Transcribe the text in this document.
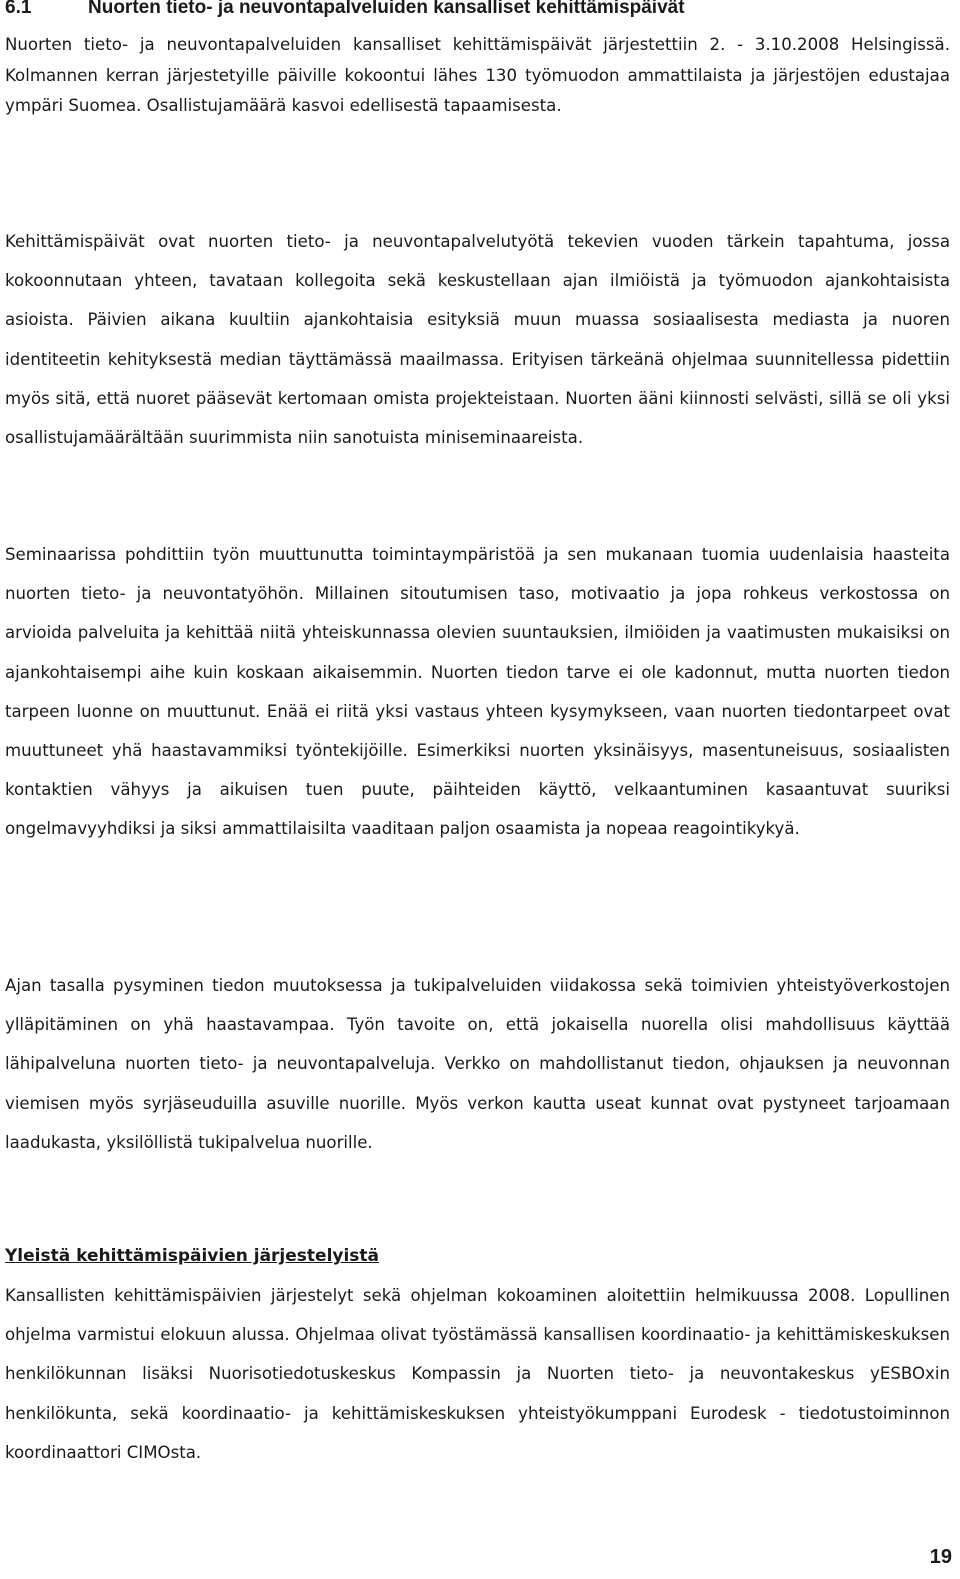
6.1	Nuorten tieto- ja neuvontapalveluiden kansalliset kehittämispäivät

Nuorten tieto- ja neuvontapalveluiden kansalliset kehittämispäivät järjestettiin 2. - 3.10.2008 Helsingissä. Kolmannen kerran järjestetyille päiville kokoontui lähes 130 työmuodon ammattilaista ja järjestöjen edustajaa ympäri Suomea. Osallistujamäärä kasvoi edellisestä tapaamisesta.

Kehittämispäivät ovat nuorten tieto- ja neuvontapalvelutyötä tekevien vuoden tärkein tapahtuma, jossa kokoonnutaan yhteen, tavataan kollegoita sekä keskustellaan ajan ilmiöistä ja työmuodon ajankohtaisista asioista. Päivien aikana kuultiin ajankohtaisia esityksiä muun muassa sosiaalisesta mediasta ja nuoren identiteetin kehityksestä median täyttämässä maailmassa. Erityisen tärkeänä ohjelmaa suunnitellessa pidettiin myös sitä, että nuoret pääsevät kertomaan omista projekteistaan. Nuorten ääni kiinnosti selvästi, sillä se oli yksi osallistujamäärältään suurimmista niin sanotuista miniseminaareista.

Seminaarissa pohdittiin työn muuttunutta toimintaympäristöä ja sen mukanaan tuomia uudenlaisia haasteita nuorten tieto- ja neuvontatyöhön. Millainen sitoutumisen taso, motivaatio ja jopa rohkeus verkostossa on arvioida palveluita ja kehittää niitä yhteiskunnassa olevien suuntauksien, ilmiöiden ja vaatimusten mukaisiksi on ajankohtaisempi aihe kuin koskaan aikaisemmin. Nuorten tiedon tarve ei ole kadonnut, mutta nuorten tiedon tarpeen luonne on muuttunut. Enää ei riitä yksi vastaus yhteen kysymykseen, vaan nuorten tiedontarpeet ovat muuttuneet yhä haastavammiksi työntekijöille. Esimerkiksi nuorten yksinäisyys, masentuneisuus, sosiaalisten kontaktien vähyys ja aikuisen tuen puute, päihteiden käyttö, velkaantuminen kasaantuvat suuriksi ongelmavyyhdiksi ja siksi ammattilaisilta vaaditaan paljon osaamista ja nopeaa reagointikykyä.

Ajan tasalla pysyminen tiedon muutoksessa ja tukipalveluiden viidakossa sekä toimivien yhteistyöverkostojen ylläpitäminen on yhä haastavampaa. Työn tavoite on, että jokaisella nuorella olisi mahdollisuus käyttää lähipalveluna nuorten tieto- ja neuvontapalveluja. Verkko on mahdollistanut tiedon, ohjauksen ja neuvonnan viemisen myös syrjäseuduilla asuville nuorille. Myös verkon kautta useat kunnat ovat pystyneet tarjoamaan laadukasta, yksilöllistä tukipalvelua nuorille.

Yleistä kehittämispäivien järjestelyistä

Kansallisten kehittämispäivien järjestelyt sekä ohjelman kokoaminen aloitettiin helmikuussa 2008. Lopullinen ohjelma varmistui elokuun alussa. Ohjelmaa olivat työstämässä kansallisen koordinaatio- ja kehittämiskeskuksen henkilökunnan lisäksi Nuorisotiedotuskeskus Kompassin ja Nuorten tieto- ja neuvontakeskus yESBOxin henkilökunta, sekä koordinaatio- ja kehittämiskeskuksen yhteistyökumppani Eurodesk - tiedotustoiminnon koordinaattori CIMOsta.

19
